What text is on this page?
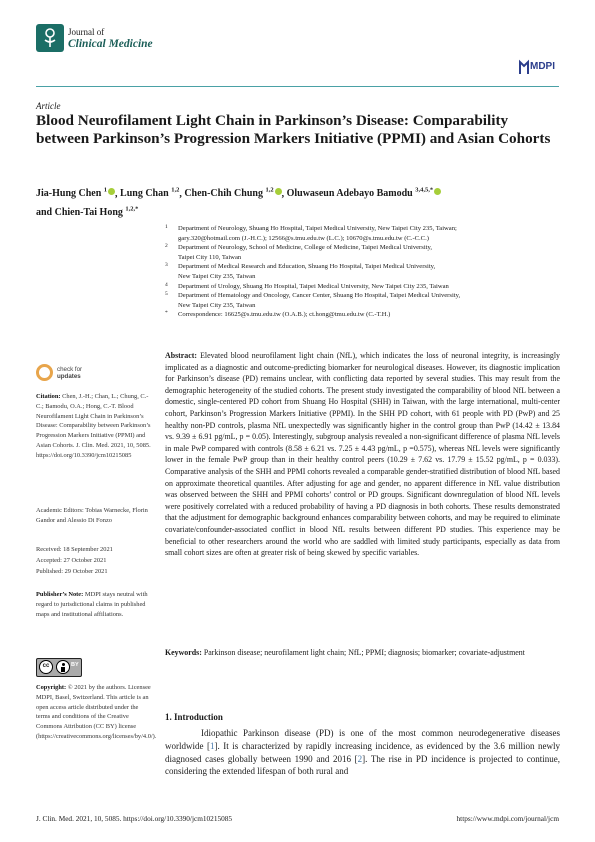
Journal of
Clinical Medicine
MDPI
Article
Blood Neurofilament Light Chain in Parkinson’s Disease: Comparability between Parkinson’s Progression Markers Initiative (PPMI) and Asian Cohorts
Jia-Hung Chen $^1$ , Lung Chan $^{1,2}$, Chen-Chih Chung $^{1,2}$ , Oluwaseun Adebayo Bamodu $^{3,4,5,*}$
and Chien-Tai Hong $^{1,2,*}$
1 Department of Neurology, Shuang Ho Hospital, Taipei Medical University, New Taipei City 235, Taiwan;
gary.320@hotmail.com (J.-H.C.); 12566@s.tmu.edu.tw (L.C.); 10670@s.tmu.edu.tw (C.-C.C.)
2 Department of Neurology, School of Medicine, College of Medicine, Taipei Medical University,
Taipei City 110, Taiwan
3 Department of Medical Research and Education, Shuang Ho Hospital, Taipei Medical University,
New Taipei City 235, Taiwan
4 Department of Urology, Shuang Ho Hospital, Taipei Medical University, New Taipei City 235, Taiwan
5 Department of Hematology and Oncology, Cancer Center, Shuang Ho Hospital, Taipei Medical University,
New Taipei City 235, Taiwan
* Correspondence: 16625@s.tmu.edu.tw (O.A.B.); ct.hong@tmu.edu.tw (C.-T.H.)
check for
updates
Citation: Chen, J.-H.; Chan, L.; Chung, C.-C.; Bamodu, O.A.; Hong, C.-T. Blood Neurofilament Light Chain in Parkinson’s Disease: Comparability between Parkinson’s Progression Markers Initiative (PPMI) and Asian Cohorts. J. Clin. Med. 2021, 10, 5085. https://doi.org/10.3390/jcm10215085
Academic Editors: Tobias Warnecke, Florin Gandor and Alessio Di Fonzo
Received: 18 September 2021
Accepted: 27 October 2021
Published: 29 October 2021
Publisher’s Note: MDPI stays neutral with regard to jurisdictional claims in published maps and institutional affiliations.
cc	BY
Copyright: © 2021 by the authors. Licensee MDPI, Basel, Switzerland. This article is an open access article distributed under the terms and conditions of the Creative Commons Attribution (CC BY) license (https://creativecommons.org/licenses/by/4.0/).
Abstract: Elevated blood neurofilament light chain (NfL), which indicates the loss of neuronal integrity, is increasingly implicated as a diagnostic and outcome-predicting biomarker for neurological diseases. However, its diagnostic implication for Parkinson’s disease (PD) remains unclear, with conflicting data reported by several studies. This may result from the demographic heterogeneity of the studied cohorts. The present study investigated the comparability of blood NfL between a domestic, single-centered PD cohort from Shuang Ho Hospital (SHH) in Taiwan, with the large international, multi-center cohort, Parkinson’s Progression Markers Initiative (PPMI). In the SHH PD cohort, with 61 people with PD (PwP) and 25 healthy non-PD controls, plasma NfL unexpectedly was significantly higher in the control group than PwP (14.42 ± 13.84 vs. 9.39 ± 6.91 pg/mL, p = 0.05). Interestingly, subgroup analysis revealed a non-significant difference of plasma NfL levels in male PwP compared with controls (8.58 ± 6.21 vs. 7.25 ± 4.43 pg/mL, p =0.575), whereas NfL levels were significantly lower in the female PwP group than in their healthy control peers (10.29 ± 7.62 vs. 17.79 ± 15.52 pg/mL, p = 0.033). Comparative analysis of the SHH and PPMI cohorts revealed a comparable gender-stratified distribution of blood NfL based on approximate theoretical quantiles. After adjusting for age and gender, no apparent difference in NfL value distribution was observed between the SHH and PPMI cohorts’ control or PD groups. Significant downregulation of blood NfL levels were positively correlated with a reduced probability of having a PD diagnosis in both cohorts. These results demonstrated that the adjustment for demographic background enhances comparability between cohorts, and may be required to eliminate covariate/confounder-associated conflict in blood NfL results between different PD studies. This experience may be beneficial to other researchers around the world who are saddled with limited study participants, especially as data from small cohort sizes are often at greater risk of being skewed by specific variables.
Keywords: Parkinson disease; neurofilament light chain; NfL; PPMI; diagnosis; biomarker; covariate-adjustment
1. Introduction
Idiopathic Parkinson disease (PD) is one of the most common neurodegenerative diseases worldwide [1]. It is characterized by rapidly increasing incidence, as evidenced by the 3.6 million newly diagnosed cases globally between 1990 and 2016 [2]. The rise in PD incidence is projected to continue, considering the extended lifespan of both rural and
J. Clin. Med. 2021, 10, 5085. https://doi.org/10.3390/jcm10215085	https://www.mdpi.com/journal/jcm
